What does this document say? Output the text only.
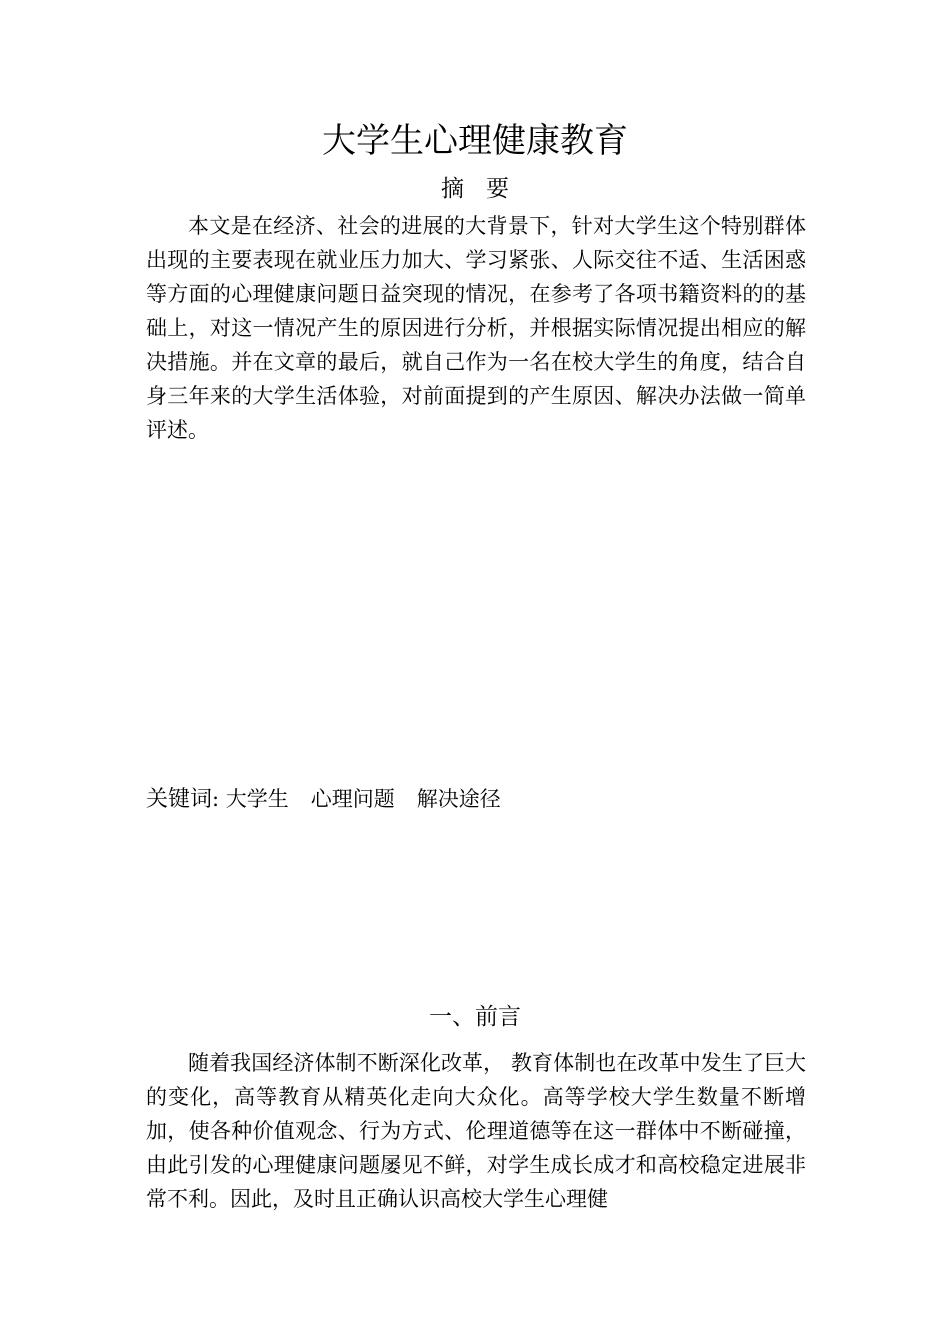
大学生心理健康教育
摘要

本文是在经济、社会的进展的大背景下，针对大学生这个特别群体出现的主要表现在就业压力加大、学习紧张、人际交往不适、生活困惑等方面的心理健康问题日益突现的情况，在参考了各项书籍资料的的基础上，对这一情况产生的原因进行分析，并根据实际情况提出相应的解决措施。并在文章的最后，就自己作为一名在校大学生的角度，结合自身三年来的大学生活体验，对前面提到的产生原因、解决办法做一简单评述。

关键词: 大学生 心理问题 解决途径
一、前言

随着我国经济体制不断深化改革， 教育体制也在改革中发生了巨大的变化，高等教育从精英化走向大众化。高等学校大学生数量不断增加，使各种价值观念、行为方式、伦理道德等在这一群体中不断碰撞， 由此引发的心理健康问题屡见不鲜，对学生成长成才和高校稳定进展非常不利。因此，及时且正确认识高校大学生心理健
